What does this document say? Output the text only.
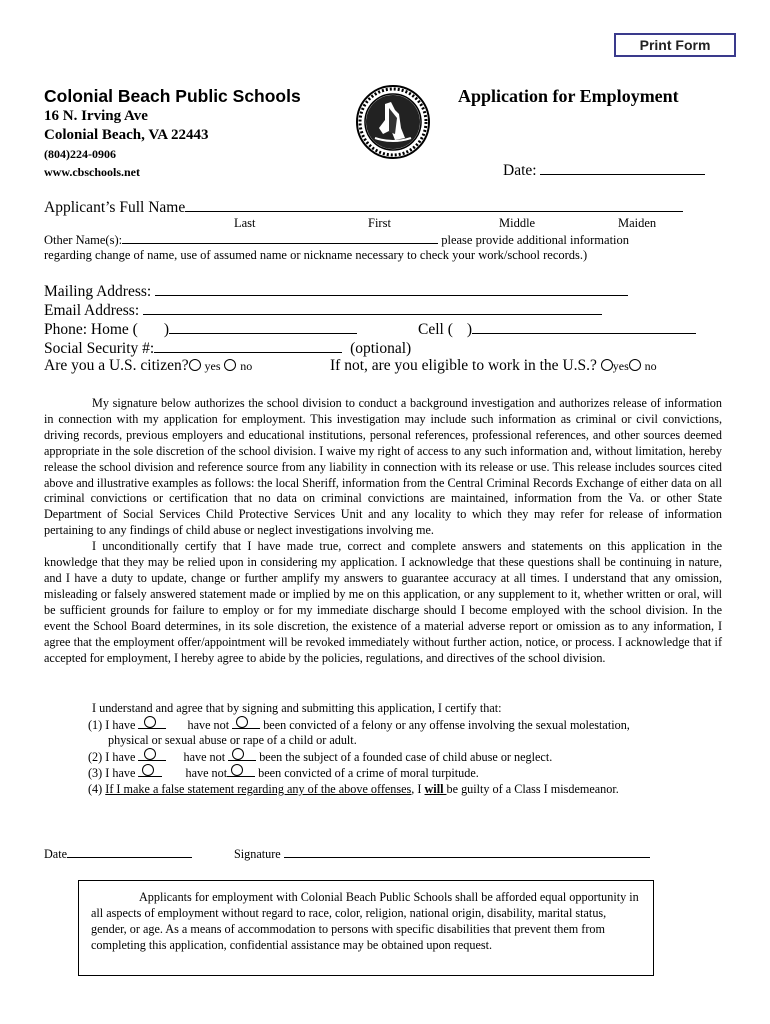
Print Form
Colonial Beach Public Schools
16 N. Irving Ave
Colonial Beach, VA 22443
(804)224-0906
www.cbschools.net
Application for Employment
Date:
Applicant’s Full Name
Last	First	Middle	Maiden
Other Name(s):	please provide additional information
regarding change of name, use of assumed name or nickname necessary to check your work/school records.)
Mailing Address:
Email Address:
Phone: Home ( )	Cell ( )
Social Security #:	(optional)
Are you a U.S. citizen? yes no	If not, are you eligible to work in the U.S.? yes no

My signature below authorizes the school division to conduct a background investigation and authorizes release of information in connection with my application for employment. This investigation may include such information as criminal or civil convictions, driving records, previous employers and educational institutions, personal references, professional references, and other sources deemed appropriate in the sole discretion of the school division. I waive my right of access to any such information and, without limitation, hereby release the school division and reference source from any liability in connection with its release or use. This release includes sources cited above and illustrative examples as follows: the local Sheriff, information from the Central Criminal Records Exchange of either data on all criminal convictions or certification that no data on criminal convictions are maintained, information from the Va. or other State Department of Social Services Child Protective Services Unit and any locality to which they may refer for release of information pertaining to any findings of child abuse or neglect investigations involving me.

I unconditionally certify that I have made true, correct and complete answers and statements on this application in the knowledge that they may be relied upon in considering my application. I acknowledge that these questions shall be continuing in nature, and I have a duty to update, change or further amplify my answers to guarantee accuracy at all times. I understand that any omission, misleading or falsely answered statement made or implied by me on this application, or any supplement to it, whether written or oral, will be sufficient grounds for failure to employ or for my immediate discharge should I become employed with the school division. In the event the School Board determines, in its sole discretion, the existence of a material adverse report or omission as to any information, I agree that the employment offer/appointment will be revoked immediately without further action, notice, or process. I acknowledge that if accepted for employment, I hereby agree to abide by the policies, regulations, and directives of the school division.

I understand and agree that by signing and submitting this application, I certify that:
(1) I have	have not	been convicted of a felony or any offense involving the sexual molestation,
physical or sexual abuse or rape of a child or adult.
(2) I have	have not	been the subject of a founded case of child abuse or neglect.
(3) I have	have not	been convicted of a crime of moral turpitude.
(4) If I make a false statement regarding any of the above offenses, I will be guilty of a Class I misdemeanor.
Date	Signature

Applicants for employment with Colonial Beach Public Schools shall be afforded equal opportunity in all aspects of employment without regard to race, color, religion, national origin, disability, marital status, gender, or age. As a means of accommodation to persons with specific disabilities that prevent them from completing this application, confidential assistance may be obtained upon request.
